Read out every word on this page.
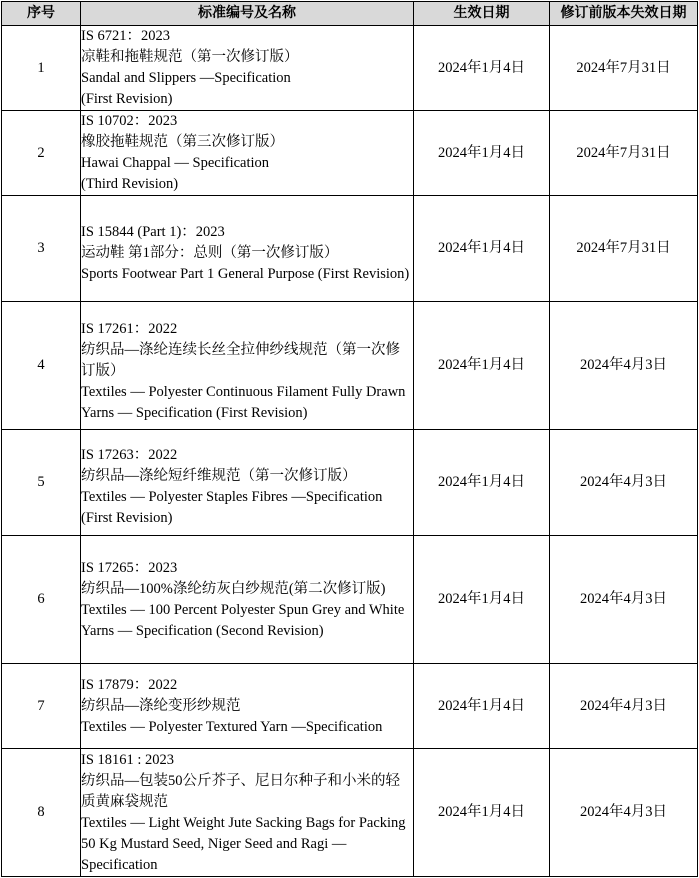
序号	标准编号及名称	生效日期	修订前版本失效日期
1	IS 6721：2023
凉鞋和拖鞋规范（第一次修订版）
Sandal and Slippers —Specification
(First Revision)	2024年1月4日	2024年7月31日
2	IS 10702：2023
橡胶拖鞋规范（第三次修订版）
Hawai Chappal — Specification
(Third Revision)	2024年1月4日	2024年7月31日
3	IS 15844 (Part 1)：2023
运动鞋 第1部分：总则（第一次修订版）
Sports Footwear Part 1 General Purpose (First Revision)	2024年1月4日	2024年7月31日
4	IS 17261：2022
纺织品—涤纶连续长丝全拉伸纱线规范（第一次修订版）
Textiles — Polyester Continuous Filament Fully Drawn Yarns — Specification (First Revision)	2024年1月4日	2024年4月3日
5	IS 17263：2022
纺织品—涤纶短纤维规范（第一次修订版）
Textiles — Polyester Staples Fibres —Specification (First Revision)	2024年1月4日	2024年4月3日
6	IS 17265：2023
纺织品—100%涤纶纺灰白纱规范(第二次修订版)
Textiles — 100 Percent Polyester Spun Grey and White Yarns — Specification (Second Revision)	2024年1月4日	2024年4月3日
7	IS 17879：2022
纺织品—涤纶变形纱规范
Textiles — Polyester Textured Yarn —Specification	2024年1月4日	2024年4月3日
8	IS 18161 : 2023
纺织品—包装50公斤芥子、尼日尔种子和小米的轻质黄麻袋规范
Textiles — Light Weight Jute Sacking Bags for Packing 50 Kg Mustard Seed, Niger Seed and Ragi — Specification	2024年1月4日	2024年4月3日
